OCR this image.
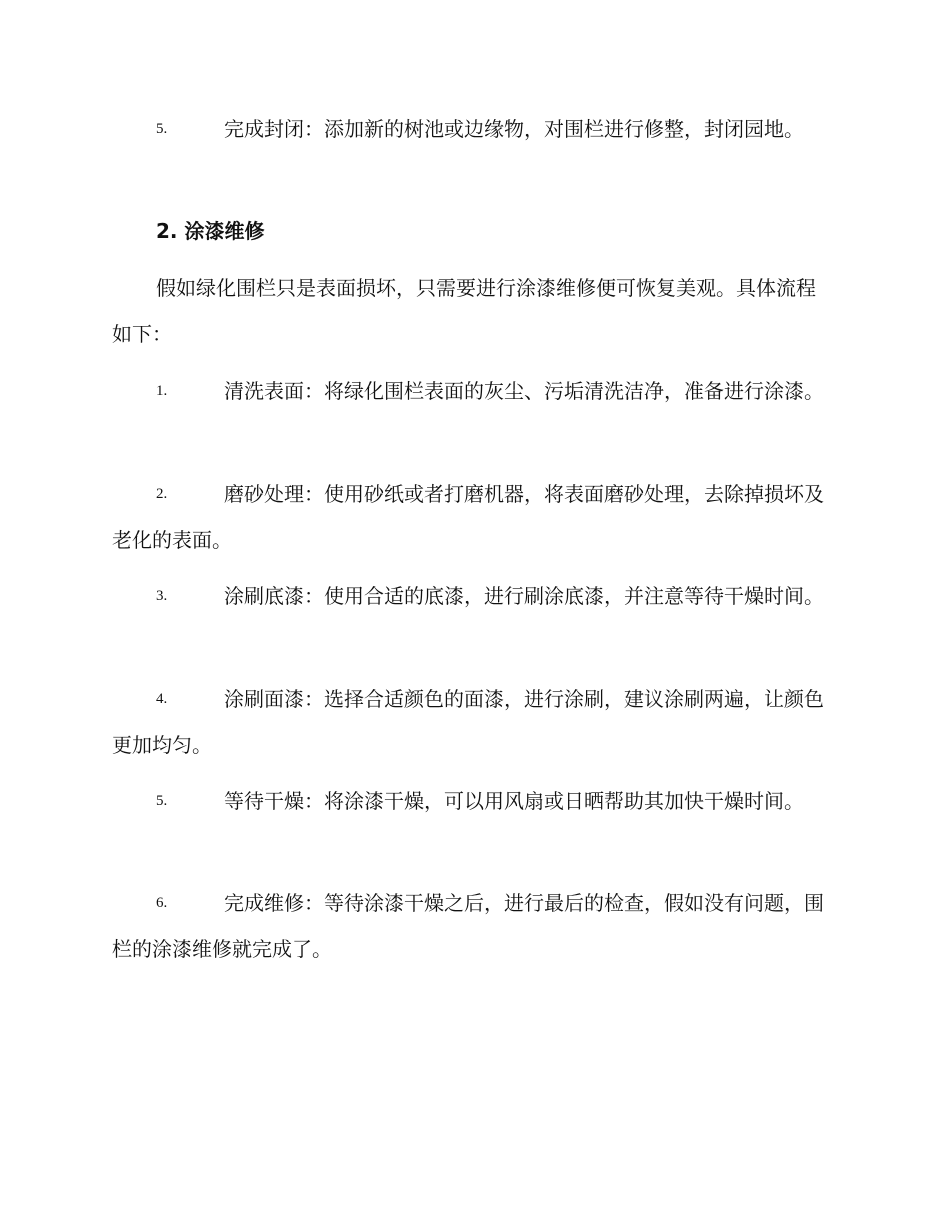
5.	完成封闭：添加新的树池或边缘物，对围栏进行修整，封闭园地。
2. 涂漆维修
假如绿化围栏只是表面损坏，只需要进行涂漆维修便可恢复美观。具体流程如下：
1.	清洗表面：将绿化围栏表面的灰尘、污垢清洗洁净，准备进行涂漆。
2.	磨砂处理：使用砂纸或者打磨机器，将表面磨砂处理，去除掉损坏及老化的表面。
3.	涂刷底漆：使用合适的底漆，进行刷涂底漆，并注意等待干燥时间。
4.	涂刷面漆：选择合适颜色的面漆，进行涂刷，建议涂刷两遍，让颜色更加均匀。
5.	等待干燥：将涂漆干燥，可以用风扇或日晒帮助其加快干燥时间。
6.	完成维修：等待涂漆干燥之后，进行最后的检查，假如没有问题，围栏的涂漆维修就完成了。
